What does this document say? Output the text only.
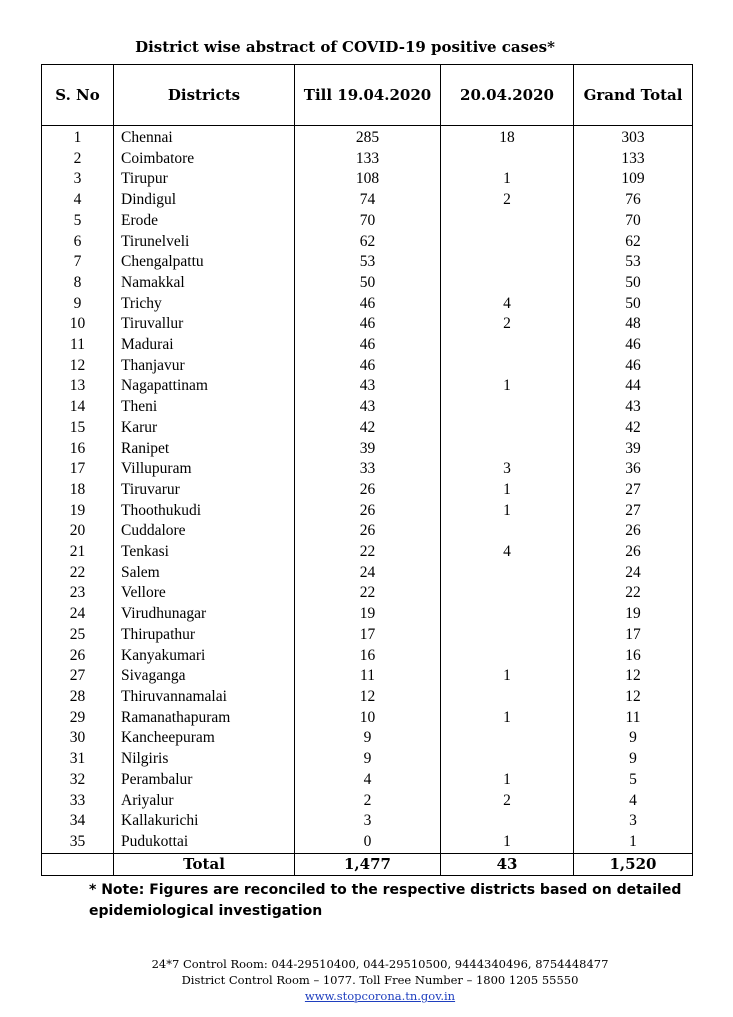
District wise abstract of COVID-19 positive cases*
S. No	Districts	Till 19.04.2020	20.04.2020	Grand Total

1	Chennai	285	18	303
2	Coimbatore	133		133
3	Tirupur	108	1	109
4	Dindigul	74	2	76
5	Erode	70		70
6	Tirunelveli	62		62
7	Chengalpattu	53		53
8	Namakkal	50		50
9	Trichy	46	4	50
10	Tiruvallur	46	2	48
11	Madurai	46		46
12	Thanjavur	46		46
13	Nagapattinam	43	1	44
14	Theni	43		43
15	Karur	42		42
16	Ranipet	39		39
17	Villupuram	33	3	36
18	Tiruvarur	26	1	27
19	Thoothukudi	26	1	27
20	Cuddalore	26		26
21	Tenkasi	22	4	26
22	Salem	24		24
23	Vellore	22		22
24	Virudhunagar	19		19
25	Thirupathur	17		17
26	Kanyakumari	16		16
27	Sivaganga	11	1	12
28	Thiruvannamalai	12		12
29	Ramanathapuram	10	1	11
30	Kancheepuram	9		9
31	Nilgiris	9		9
32	Perambalur	4	1	5
33	Ariyalur	2	2	4
34	Kallakurichi	3		3
35	Pudukottai	0	1	1
	Total	1,477	43	1,520
* Note: Figures are reconciled to the respective districts based on detailed epidemiological investigation
24*7 Control Room: 044-29510400, 044-29510500, 9444340496, 8754448477
District Control Room – 1077. Toll Free Number – 1800 1205 55550
www.stopcorona.tn.gov.in
